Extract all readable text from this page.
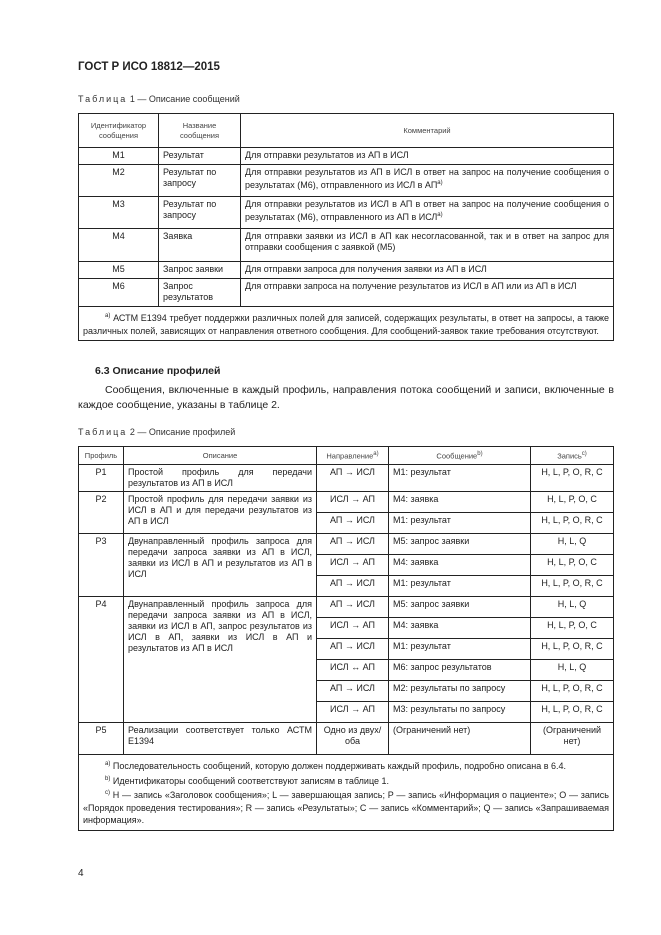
ГОСТ Р ИСО 18812—2015
Таблица 1 — Описание сообщений
Идентификатор сообщения	Название сообщения	Комментарий
M1	Результат	Для отправки результатов из АП в ИСЛ
M2	Результат по запросу	Для отправки результатов из АП в ИСЛ в ответ на запрос на получение сообщения о результатах (M6), отправленного из ИСЛ в АП$^{a)}$
M3	Результат по запросу	Для отправки результатов из ИСЛ в АП в ответ на запрос на получение сообщения о результатах (M6), отправленного из АП в ИСЛ$^{a)}$
M4	Заявка	Для отправки заявки из ИСЛ в АП как несогласованной, так и в ответ на запрос для отправки сообщения с заявкой (M5)
M5	Запрос заявки	Для отправки запроса для получения заявки из АП в ИСЛ
M6	Запрос результатов	Для отправки запроса на получение результатов из ИСЛ в АП или из АП в ИСЛ
$^{a)}$ АСТМ Е1394 требует поддержки различных полей для записей, содержащих результаты, в ответ на запросы, а также различных полей, зависящих от направления ответного сообщения. Для сообщений-заявок такие требования отсутствуют.		
6.3 Описание профилей
Сообщения, включенные в каждый профиль, направления потока сообщений и записи, включенные в каждое сообщение, указаны в таблице 2.
Таблица 2 — Описание профилей
Профиль	Описание	Направление$^{a)}$	Сообщение$^{b)}$	Запись$^{c)}$
P1	Простой профиль для передачи результатов из АП в ИСЛ	АП → ИСЛ	M1: результат	H, L, P, O, R, C
P2	Простой профиль для передачи заявки из ИСЛ в АП и для передачи результатов из АП в ИСЛ	ИСЛ → АП	M4: заявка	H, L, P, O, C
		АП → ИСЛ	M1: результат	H, L, P, O, R, C
P3	Двунаправленный профиль запроса для передачи запроса заявки из АП в ИСЛ, заявки из ИСЛ в АП и результатов из АП в ИСЛ	АП → ИСЛ	M5: запрос заявки	H, L, Q
		ИСЛ → АП	M4: заявка	H, L, P, O, C
		АП → ИСЛ	M1: результат	H, L, P, O, R, C
P4	Двунаправленный профиль запроса для передачи запроса заявки из АП в ИСЛ, заявки из ИСЛ в АП, запрос результатов из ИСЛ в АП, заявки из ИСЛ в АП и результатов из АП в ИСЛ	АП → ИСЛ	M5: запрос заявки	H, L, Q
		ИСЛ → АП	M4: заявка	H, L, P, O, C
		АП → ИСЛ	M1: результат	H, L, P, O, R, C
		ИСЛ ↔ АП	M6: запрос результатов	H, L, Q
		АП → ИСЛ	M2: результаты по запросу	H, L, P, O, R, C
		ИСЛ → АП	M3: результаты по запросу	H, L, P, O, R, C
P5	Реализации соответствует только АСТМ Е1394	Одно из двух/ оба	(Ограничений нет)	(Ограничений нет)

$^{a)}$ Последовательность сообщений, которую должен поддерживать каждый профиль, подробно описана в 6.4.
$^{b)}$ Идентификаторы сообщений соответствуют записям в таблице 1.
$^{c)}$ H — запись «Заголовок сообщения»; L — завершающая запись; P — запись «Информация о пациенте»; O — запись «Порядок проведения тестирования»; R — запись «Результаты»; C — запись «Комментарий»; Q — запись «Запрашиваемая информация».				
4
